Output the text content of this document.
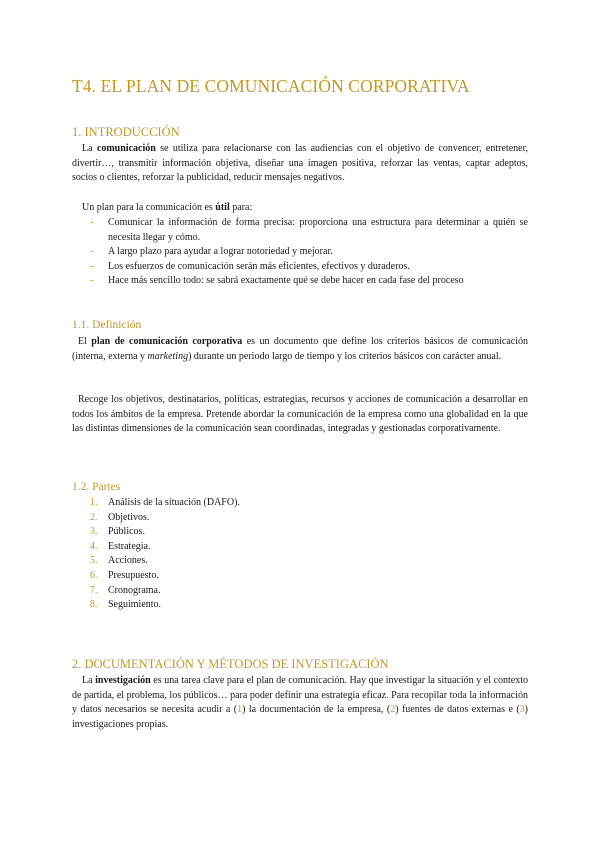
T4. EL PLAN DE COMUNICACIÓN CORPORATIVA
1. INTRODUCCIÓN

La comunicación se utiliza para relacionarse con las audiencias con el objetivo de convencer, entretener, divertir…, transmitir información objetiva, diseñar una imagen positiva, reforzar las ventas, captar adeptos, socios o clientes, reforzar la publicidad, reducir mensajes negativos.

Un plan para la comunicación es útil para:

- Comunicar la información de forma precisa: proporciona una estructura para determinar a quién se necesita llegar y cómo.
- A largo plazo para ayudar a lograr notoriedad y mejorar.
- Los esfuerzos de comunicación serán más eficientes, efectivos y duraderos.
- Hace más sencillo todo: se sabrá exactamente qué se debe hacer en cada fase del proceso
1.1. Definición

El plan de comunicación corporativa es un documento que define los criterios básicos de comunicación (interna, externa y marketing) durante un periodo largo de tiempo y los criterios básicos con carácter anual.

Recoge los objetivos, destinatarios, políticas, estrategias, recursos y acciones de comunicación a desarrollar en todos los ámbitos de la empresa. Pretende abordar la comunicación de la empresa como una globalidad en la que las distintas dimensiones de la comunicación sean coordinadas, integradas y gestionadas corporativamente.

1.2. Partes
1. Análisis de la situación (DAFO).
2. Objetivos.
3. Públicos.
4. Estrategia.
5. Acciones.
6. Presupuesto.
7. Cronograma.
8. Seguimiento.
2. DOCUMENTACIÓN Y MÉTODOS DE INVESTIGACIÓN

La investigación es una tarea clave para el plan de comunicación. Hay que investigar la situación y el contexto de partida, el problema, los públicos… para poder definir una estrategia eficaz. Para recopilar toda la información y datos necesarios se necesita acudir a (1) la documentación de la empresa, (2) fuentes de datos externas e (3) investigaciones propias.
